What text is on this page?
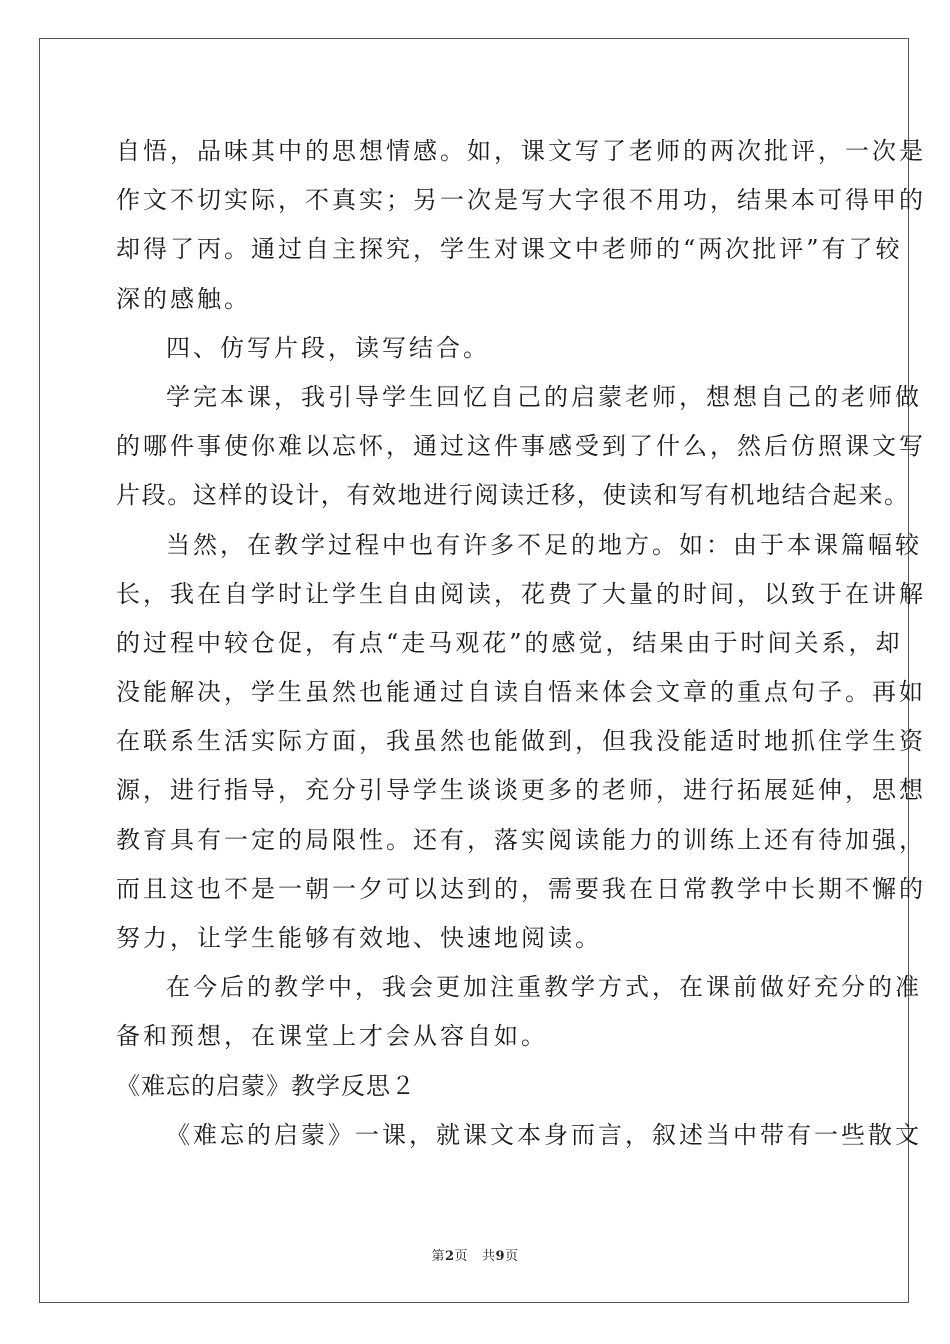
自悟，品味其中的思想情感。如，课文写了老师的两次批评，一次是
作文不切实际，不真实；另一次是写大字很不用功，结果本可得甲的
却得了丙。通过自主探究，学生对课文中老师的“两次批评”有了较
深的感触。
四、仿写片段，读写结合。
学完本课，我引导学生回忆自己的启蒙老师，想想自己的老师做
的哪件事使你难以忘怀，通过这件事感受到了什么，然后仿照课文写
片段。这样的设计，有效地进行阅读迁移，使读和写有机地结合起来。
当然，在教学过程中也有许多不足的地方。如：由于本课篇幅较
长，我在自学时让学生自由阅读，花费了大量的时间，以致于在讲解
的过程中较仓促，有点“走马观花”的感觉，结果由于时间关系，却
没能解决，学生虽然也能通过自读自悟来体会文章的重点句子。再如
在联系生活实际方面，我虽然也能做到，但我没能适时地抓住学生资
源，进行指导，充分引导学生谈谈更多的老师，进行拓展延伸，思想
教育具有一定的局限性。还有，落实阅读能力的训练上还有待加强，
而且这也不是一朝一夕可以达到的，需要我在日常教学中长期不懈的
努力，让学生能够有效地、快速地阅读。
在今后的教学中，我会更加注重教学方式，在课前做好充分的准
备和预想，在课堂上才会从容自如。
《难忘的启蒙》教学反思２
《难忘的启蒙》一课，就课文本身而言，叙述当中带有一些散文
第2页 共9页
